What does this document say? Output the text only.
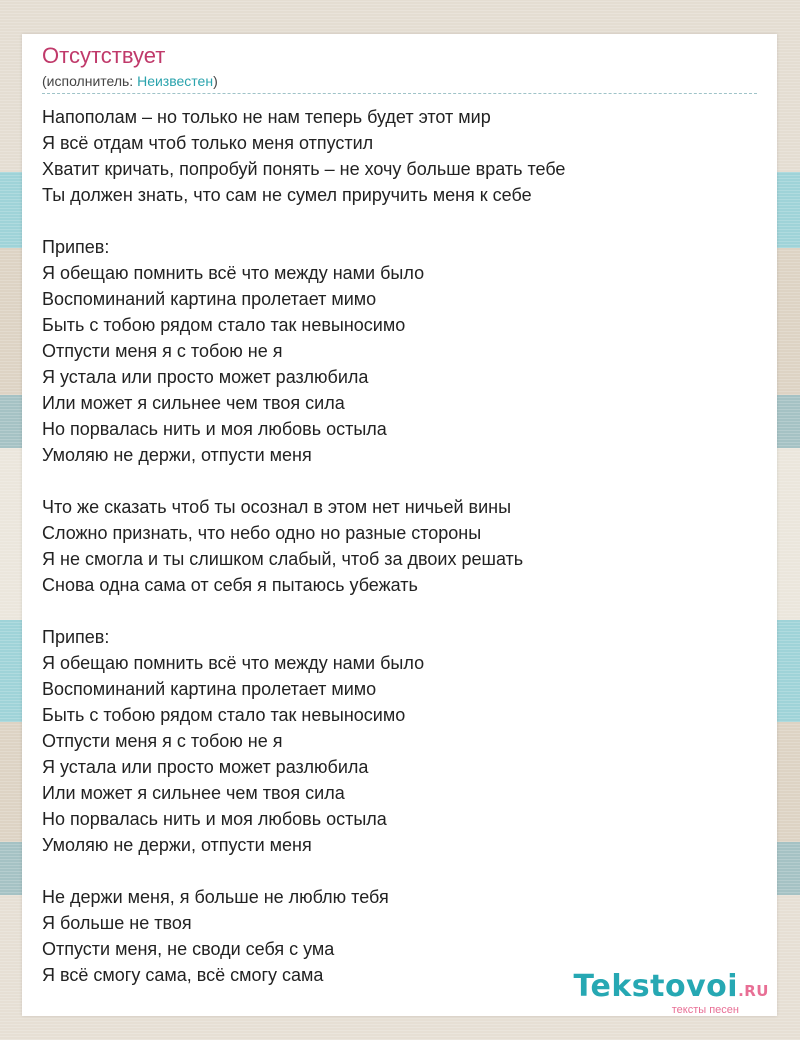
Отсутствует
(исполнитель: Неизвестен)
Напополам – но только не нам теперь будет этот мир
Я всё отдам чтоб только меня отпустил
Хватит кричать, попробуй понять – не хочу больше врать тебе
Ты должен знать, что сам не сумел приручить меня к себе
Припев:
Я обещаю помнить всё что между нами было
Воспоминаний картина пролетает мимо
Быть с тобою рядом стало так невыносимо
Отпусти меня я с тобою не я
Я устала или просто может разлюбила
Или может я сильнее чем твоя сила
Но порвалась нить и моя любовь остыла
Умоляю не держи, отпусти меня
Что же сказать чтоб ты осознал в этом нет ничьей вины
Сложно признать, что небо одно но разные стороны
Я не смогла и ты слишком слабый, чтоб за двоих решать
Снова одна сама от себя я пытаюсь убежать
Припев:
Я обещаю помнить всё что между нами было
Воспоминаний картина пролетает мимо
Быть с тобою рядом стало так невыносимо
Отпусти меня я с тобою не я
Я устала или просто может разлюбила
Или может я сильнее чем твоя сила
Но порвалась нить и моя любовь остыла
Умоляю не держи, отпусти меня
Не держи меня, я больше не люблю тебя
Я больше не твоя
Отпусти меня, не своди себя с ума
Я всё смогу сама, всё смогу сама	Tekstovoi.RU
тексты песен
